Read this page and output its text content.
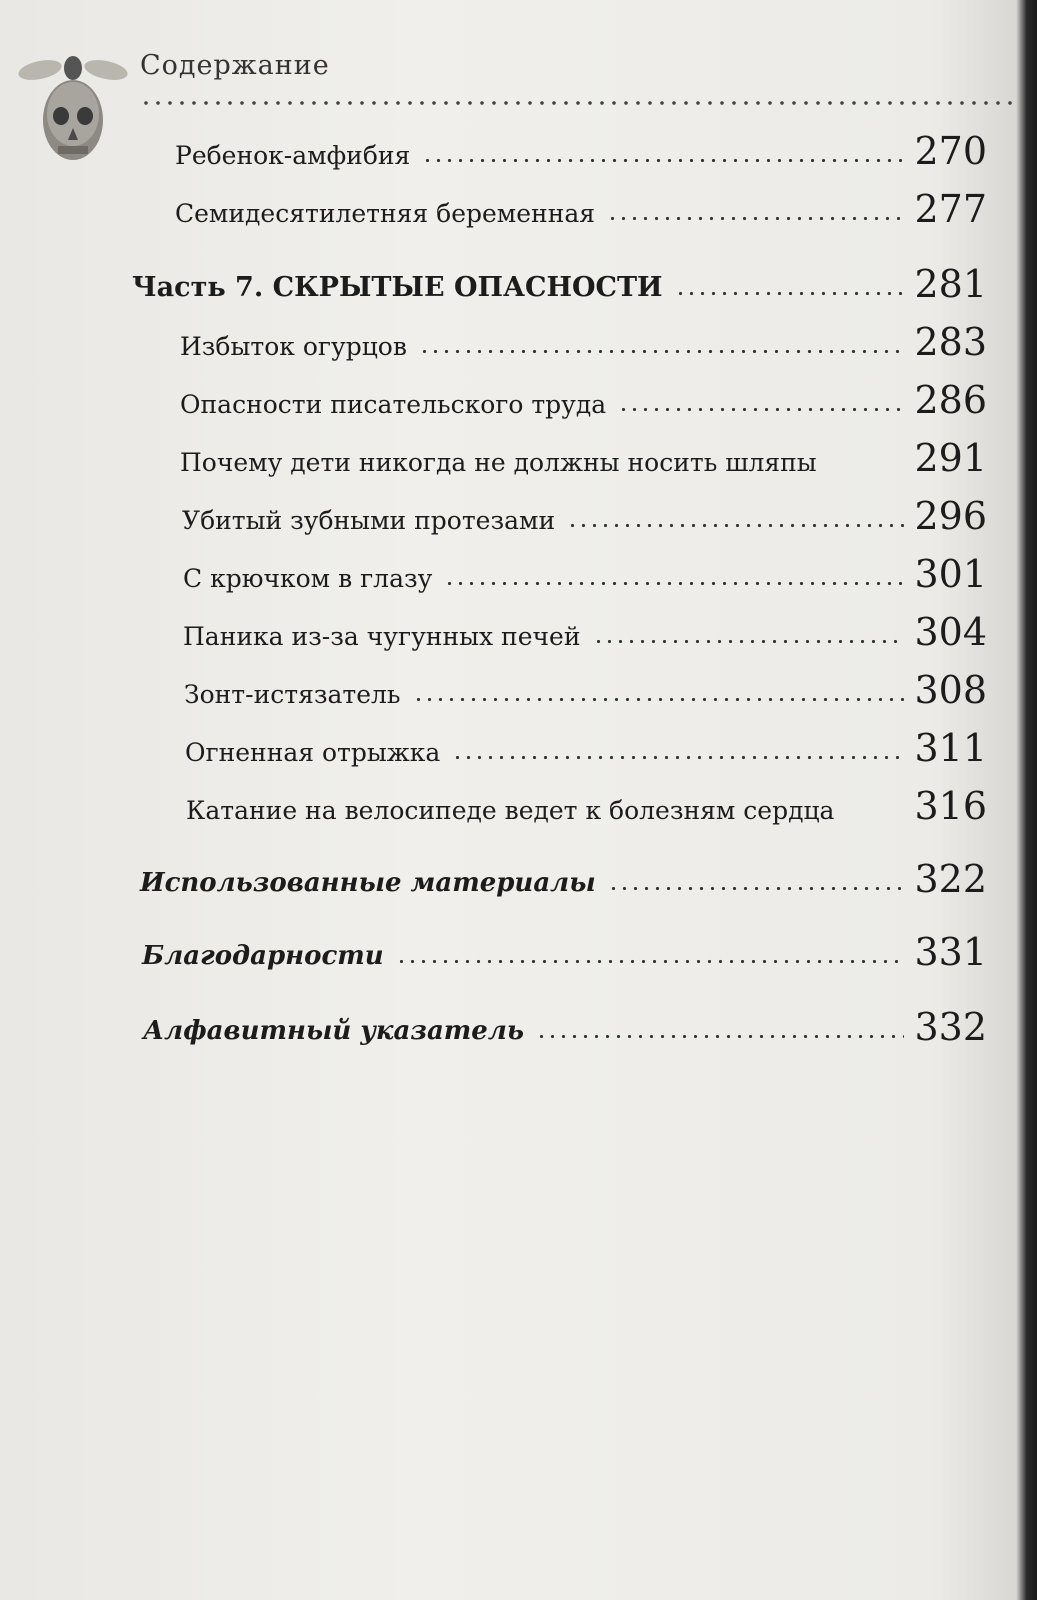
Содержание
Ребенок-амфибия	270
Семидесятилетняя беременная	277
Часть 7. СКРЫТЫЕ ОПАСНОСТИ	281
Избыток огурцов	283
Опасности писательского труда	286
Почему дети никогда не должны носить шляпы	291
Убитый зубными протезами	296
С крючком в глазу	301
Паника из-за чугунных печей	304
Зонт-истязатель	308
Огненная отрыжка	311
Катание на велосипеде ведет к болезням сердца 316
Использованные материалы	322
Благодарности	331
Алфавитный указатель	332
